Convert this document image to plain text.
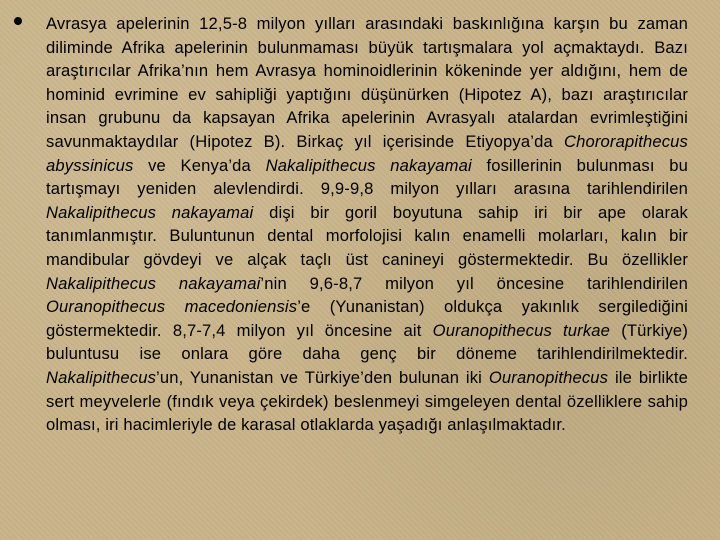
Avrasya apelerinin 12,5-8 milyon yılları arasındaki baskınlığına karşın bu zaman diliminde Afrika apelerinin bulunmaması büyük tartışmalara yol açmaktaydı. Bazı araştırıcılar Afrika’nın hem Avrasya hominoidlerinin kökeninde yer aldığını, hem de hominid evrimine ev sahipliği yaptığını düşünürken (Hipotez A), bazı araştırıcılar insan grubunu da kapsayan Afrika apelerinin Avrasyalı atalardan evrimleştiğini savunmaktaydılar (Hipotez B). Birkaç yıl içerisinde Etiyopya’da Chororapithecus abyssinicus ve Kenya’da Nakalipithecus nakayamai fosillerinin bulunması bu tartışmayı yeniden alevlendirdi. 9,9-9,8 milyon yılları arasına tarihlendirilen Nakalipithecus nakayamai dişi bir goril boyutuna sahip iri bir ape olarak tanımlanmıştır. Buluntunun dental morfolojisi kalın enamelli molarları, kalın bir mandibular gövdeyi ve alçak taçlı üst canineyi göstermektedir. Bu özellikler Nakalipithecus nakayamai’nin 9,6-8,7 milyon yıl öncesine tarihlendirilen Ouranopithecus macedoniensis’e (Yunanistan) oldukça yakınlık sergilediğini göstermektedir. 8,7-7,4 milyon yıl öncesine ait Ouranopithecus turkae (Türkiye) buluntusu ise onlara göre daha genç bir döneme tarihlendirilmektedir. Nakalipithecus’un, Yunanistan ve Türkiye’den bulunan iki Ouranopithecus ile birlikte sert meyvelerle (fındık veya çekirdek) beslenmeyi simgeleyen dental özelliklere sahip olması, iri hacimleriyle de karasal otlaklarda yaşadığı anlaşılmaktadır.
